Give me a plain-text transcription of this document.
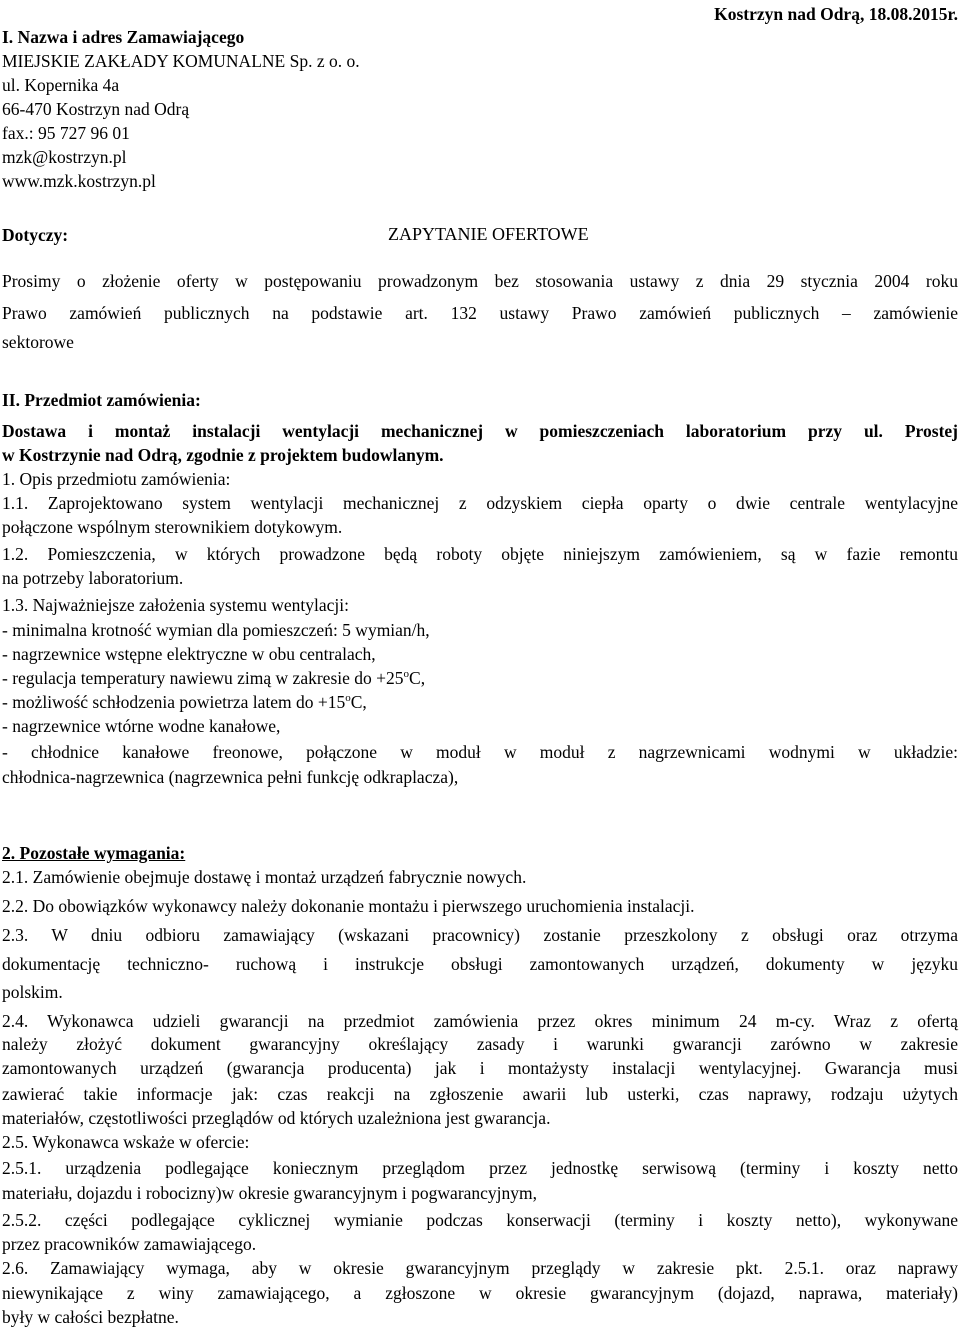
I. Nazwa i adres Zamawiającego
Kostrzyn nad Odrą, 18.08.2015r.
MIEJSKIE ZAKŁADY KOMUNALNE Sp. z o. o.
ul. Kopernika 4a
66-470 Kostrzyn nad Odrą
fax.: 95 727 96 01
mzk@kostrzyn.pl
www.mzk.kostrzyn.pl
Dotyczy:	ZAPYTANIE OFERTOWE
Prosimy o złożenie oferty w postępowaniu prowadzonym bez stosowania ustawy z dnia 29 stycznia 2004 roku
Prawo zamówień publicznych na podstawie art. 132 ustawy Prawo zamówień publicznych – zamówienie
sektorowe
II. Przedmiot zamówienia:
Dostawa i montaż instalacji wentylacji mechanicznej w pomieszczeniach laboratorium przy ul. Prostej
w Kostrzynie nad Odrą, zgodnie z projektem budowlanym.
1. Opis przedmiotu zamówienia:
1.1. Zaprojektowano system wentylacji mechanicznej z odzyskiem ciepła oparty o dwie centrale wentylacyjne
połączone wspólnym sterownikiem dotykowym.
1.2. Pomieszczenia, w których prowadzone będą roboty objęte niniejszym zamówieniem, są w fazie remontu
na potrzeby laboratorium.
1.3. Najważniejsze założenia systemu wentylacji:
- minimalna krotność wymian dla pomieszczeń: 5 wymian/h,
- nagrzewnice wstępne elektryczne w obu centralach,
- regulacja temperatury nawiewu zimą w zakresie do $+25^oC$,
- możliwość schłodzenia powietrza latem do $+15^oC$,
- nagrzewnice wtórne wodne kanałowe,
- chłodnice kanałowe freonowe, połączone w moduł w moduł z nagrzewnicami wodnymi w układzie:
chłodnica-nagrzewnica (nagrzewnica pełni funkcję odkraplacza),
2. Pozostałe wymagania:
2.1. Zamówienie obejmuje dostawę i montaż urządzeń fabrycznie nowych.
2.2. Do obowiązków wykonawcy należy dokonanie montażu i pierwszego uruchomienia instalacji.
2.3. W dniu odbioru zamawiający (wskazani pracownicy) zostanie przeszkolony z obsługi oraz otrzyma
dokumentację techniczno- ruchową i instrukcje obsługi zamontowanych urządzeń, dokumenty w języku
polskim.
2.4. Wykonawca udzieli gwarancji na przedmiot zamówienia przez okres minimum 24 m-cy. Wraz z ofertą
należy złożyć dokument gwarancyjny określający zasady i warunki gwarancji zarówno w zakresie
zamontowanych urządzeń (gwarancja producenta) jak i montażysty instalacji wentylacyjnej. Gwarancja musi
zawierać takie informacje jak: czas reakcji na zgłoszenie awarii lub usterki, czas naprawy, rodzaju użytych
materiałów, częstotliwości przeglądów od których uzależniona jest gwarancja.
2.5. Wykonawca wskaże w ofercie:
2.5.1. urządzenia podlegające koniecznym przeglądom przez jednostkę serwisową (terminy i koszty netto
materiału, dojazdu i robocizny)w okresie gwarancyjnym i pogwarancyjnym,
2.5.2. części podlegające cyklicznej wymianie podczas konserwacji (terminy i koszty netto), wykonywane
przez pracowników zamawiającego.
2.6. Zamawiający wymaga, aby w okresie gwarancyjnym przeglądy w zakresie pkt. 2.5.1. oraz naprawy
niewynikające z winy zamawiającego, a zgłoszone w okresie gwarancyjnym (dojazd, naprawa, materiały)
były w całości bezpłatne.
